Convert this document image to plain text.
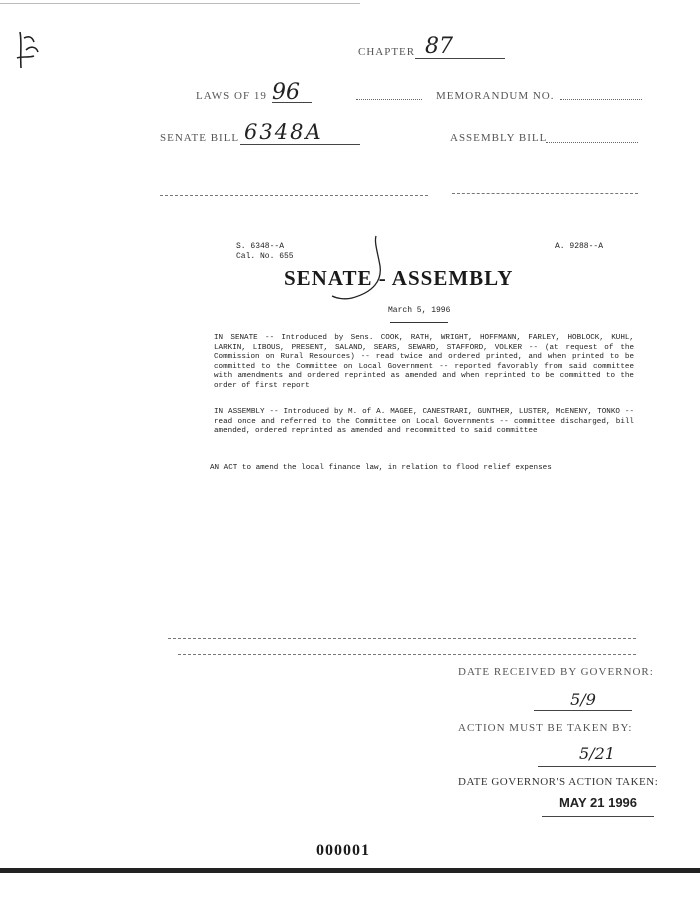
CHAPTER 87
LAWS OF 19 96	MEMORANDUM NO.
SENATE BILL 6348A	ASSEMBLY BILL
S. 6348--A
Cal. No. 655
A. 9288--A
SENATE - ASSEMBLY
March 5, 1996

IN SENATE -- Introduced by Sens. COOK, RATH, WRIGHT, HOFFMANN, FARLEY, HOBLOCK, KUHL, LARKIN, LIBOUS, PRESENT, SALAND, SEARS, SEWARD, STAFFORD, VOLKER -- (at request of the Commission on Rural Resources) -- read twice and ordered printed, and when printed to be committed to the Committee on Local Government -- reported favorably from said committee with amendments and ordered reprinted as amended and when reprinted to be committed to the order of first report

IN ASSEMBLY -- Introduced by M. of A. MAGEE, CANESTRARI, GUNTHER, LUSTER, McENENY, TONKO -- read once and referred to the Committee on Local Governments -- committee discharged, bill amended, ordered reprinted as amended and recommitted to said committee

AN ACT to amend the local finance law, in relation to flood relief expenses

DATE RECEIVED BY GOVERNOR:
5/9
ACTION MUST BE TAKEN BY:
5/21
DATE GOVERNOR'S ACTION TAKEN:
MAY 21 1996
000001
